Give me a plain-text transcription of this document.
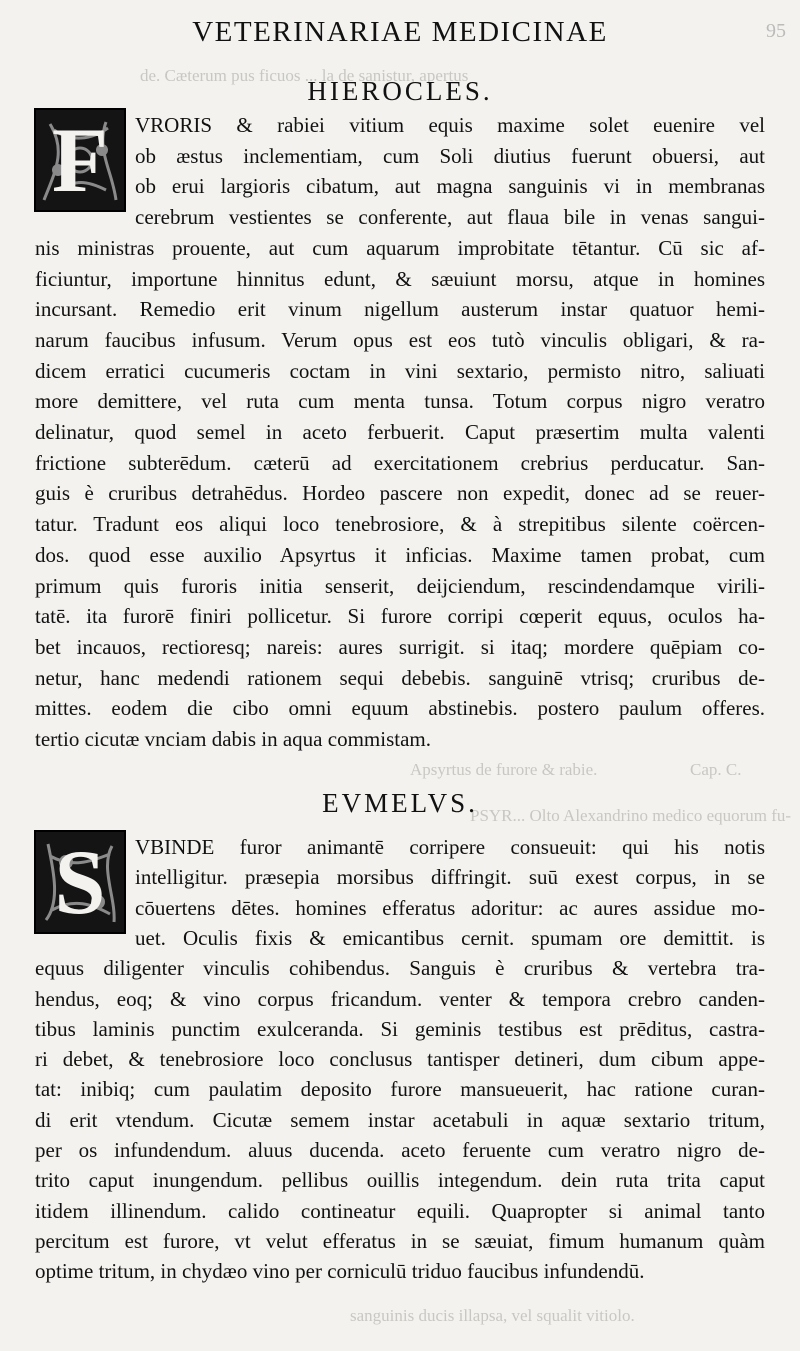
de. Cæterum pus ficuos ... la de sanistur, apertus
Apsyrtus de furore & rabie.	Cap. C.
PSYR... Olto Alexandrino medico equorum fu-
sanguinis ducis illapsa, vel squalit vitiolo.
95
VETERINARIAE MEDICINAE
HIEROCLES.
F	VRORIS & rabiei vitium equis maxime solet euenire vel
ob æstus inclementiam, cum Soli diutius fuerunt obuersi, aut
ob erui largioris cibatum, aut magna sanguinis vi in membranas
cerebrum vestientes se conferente, aut flaua bile in venas sangui-
nis ministras prouente, aut cum aquarum improbitate tētantur. Cū sic af-
ficiuntur, importune hinnitus edunt, & sæuiunt morsu, atque in homines
incursant. Remedio erit vinum nigellum austerum instar quatuor hemi-
narum faucibus infusum. Verum opus est eos tutò vinculis obligari, & ra-
dicem erratici cucumeris coctam in vini sextario, permisto nitro, saliuati
more demittere, vel ruta cum menta tunsa. Totum corpus nigro veratro
delinatur, quod semel in aceto ferbuerit. Caput præsertim multa valenti
frictione subterēdum. cæterū ad exercitationem crebrius perducatur. San-
guis è cruribus detrahēdus. Hordeo pascere non expedit, donec ad se reuer-
tatur. Tradunt eos aliqui loco tenebrosiore, & à strepitibus silente coërcen-
dos. quod esse auxilio Apsyrtus it inficias. Maxime tamen probat, cum
primum quis furoris initia senserit, deijciendum, rescindendamque virili-
tatē. ita furorē finiri pollicetur. Si furore corripi cœperit equus, oculos ha-
bet incauos, rectioresq; nareis: aures surrigit. si itaq; mordere quēpiam co-
netur, hanc medendi rationem sequi debebis. sanguinē vtrisq; cruribus de-
mittes. eodem die cibo omni equum abstinebis. postero paulum offeres.
tertio cicutæ vnciam dabis in aqua commistam.
EVMELVS.
S	VBINDE furor animantē corripere consueuit: qui his notis
intelligitur. præsepia morsibus diffringit. suū exest corpus, in se
cōuertens dētes. homines efferatus adoritur: ac aures assidue mo-
uet. Oculis fixis & emicantibus cernit. spumam ore demittit. is
equus diligenter vinculis cohibendus. Sanguis è cruribus & vertebra tra-
hendus, eoq; & vino corpus fricandum. venter & tempora crebro canden-
tibus laminis punctim exulceranda. Si geminis testibus est prēditus, castra-
ri debet, & tenebrosiore loco conclusus tantisper detineri, dum cibum appe-
tat: inibiq; cum paulatim deposito furore mansueuerit, hac ratione curan-
di erit vtendum. Cicutæ semem instar acetabuli in aquæ sextario tritum,
per os infundendum. aluus ducenda. aceto feruente cum veratro nigro de-
trito caput inungendum. pellibus ouillis integendum. dein ruta trita caput
itidem illinendum. calido contineatur equili. Quapropter si animal tanto
percitum est furore, vt velut efferatus in se sæuiat, fimum humanum quàm
optime tritum, in chydæo vino per corniculū triduo faucibus infundendū.
